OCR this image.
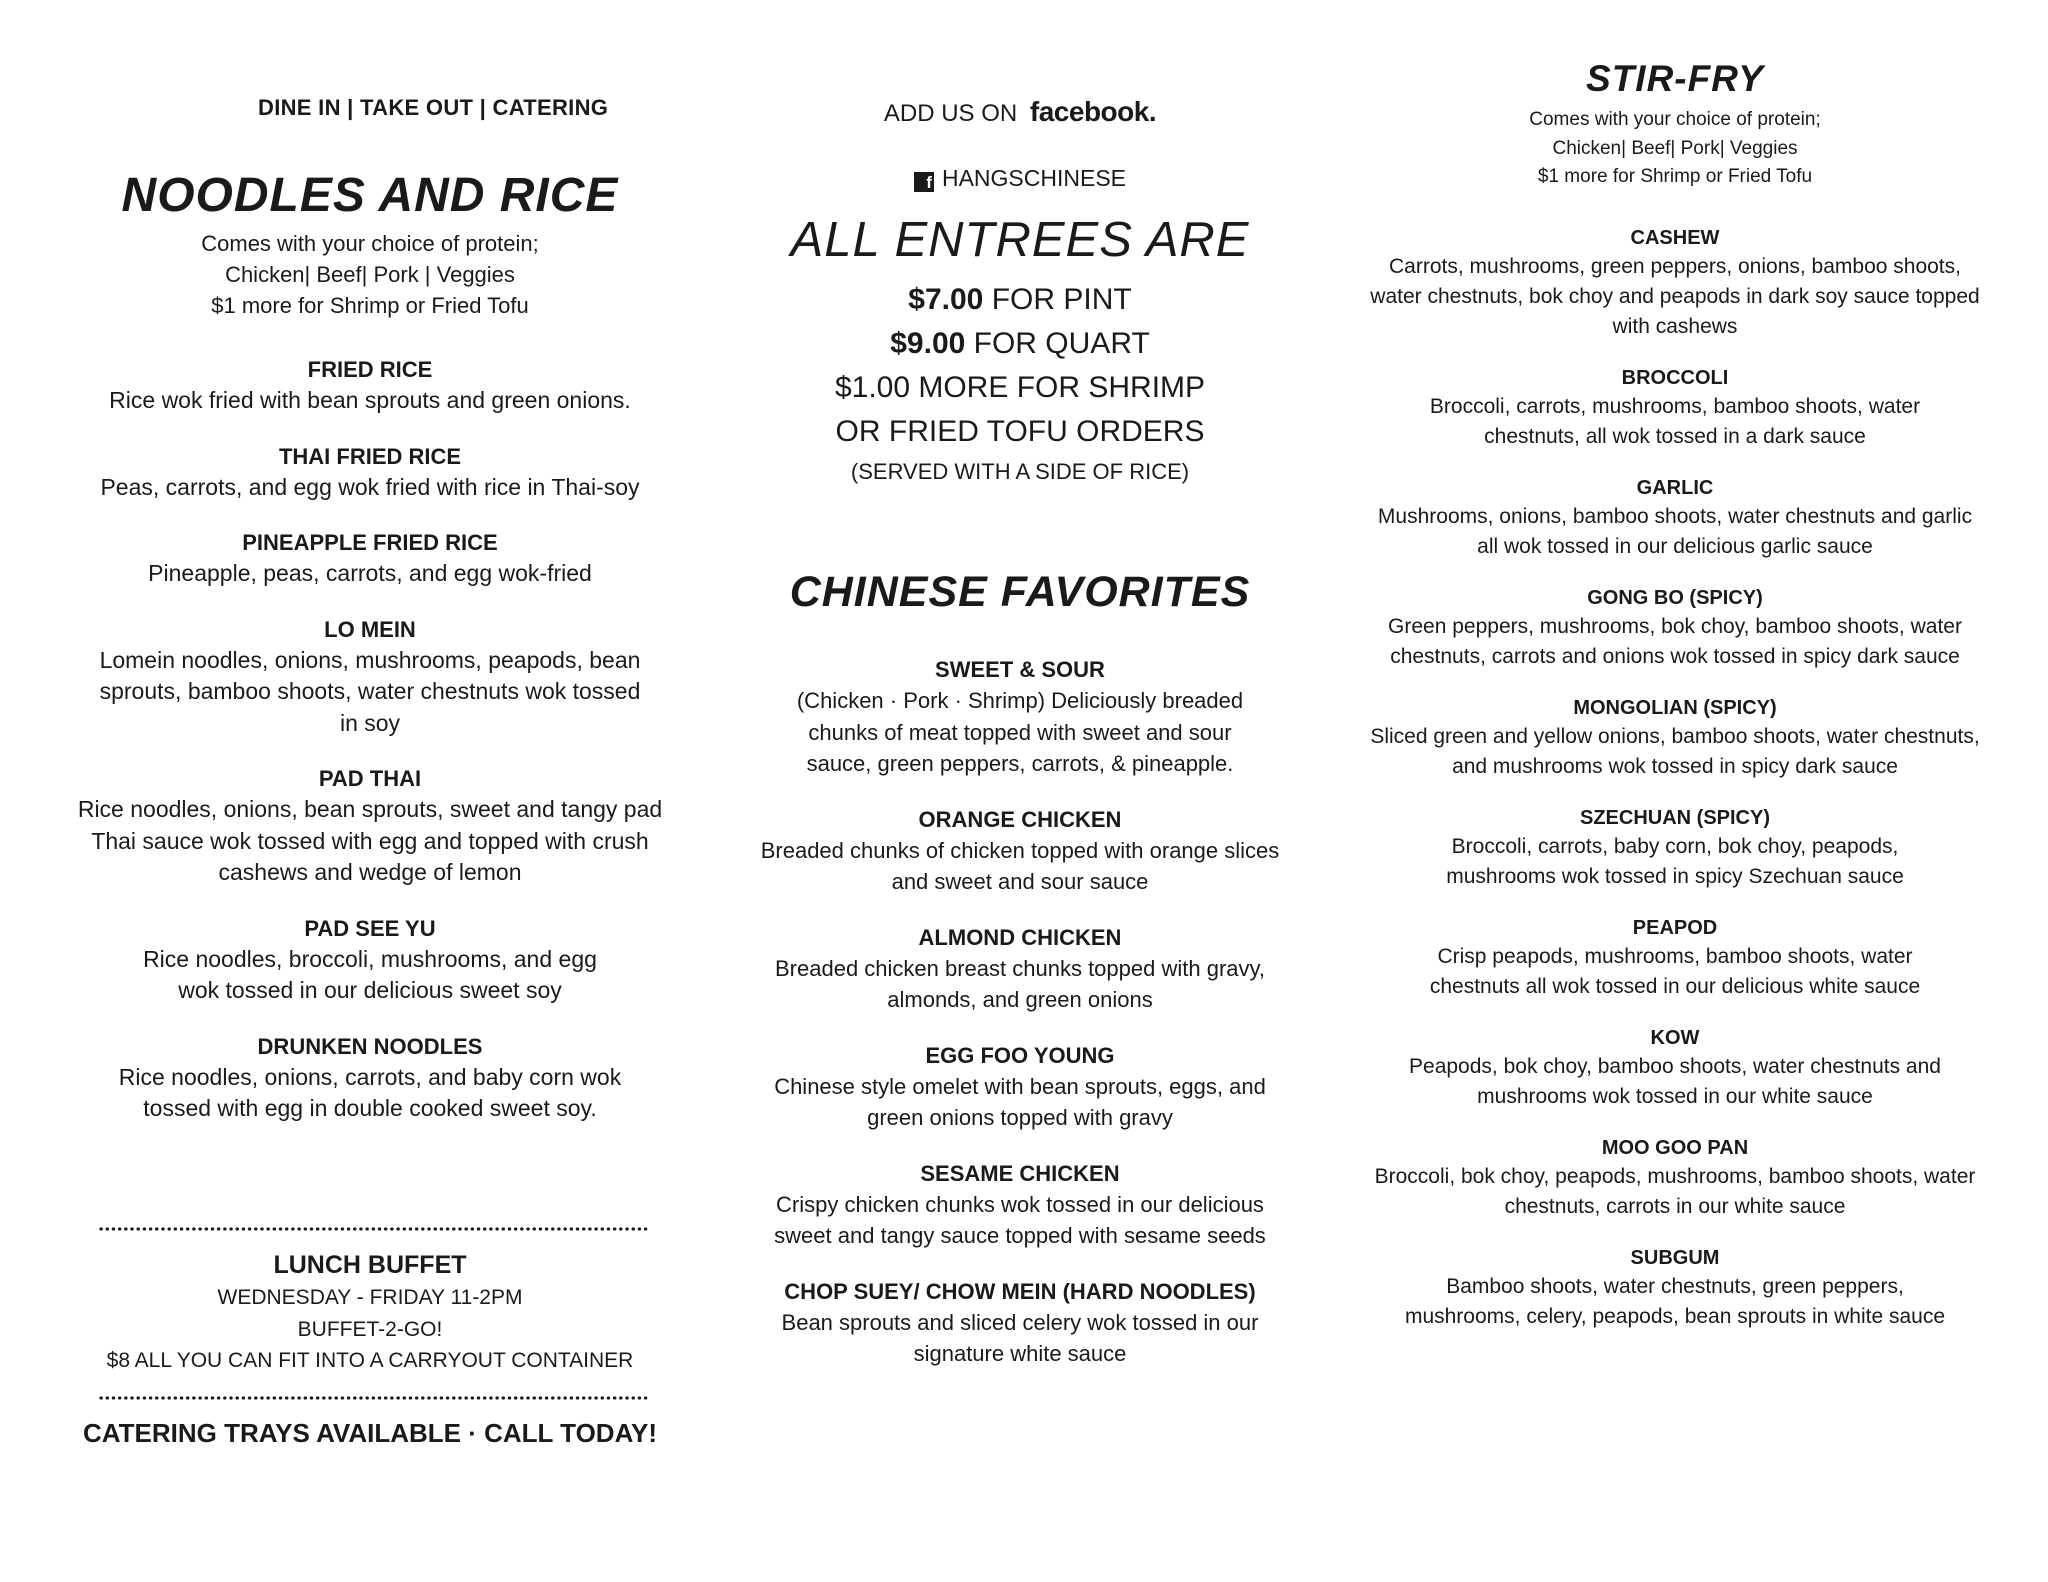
DINE IN | TAKE OUT | CATERING
NOODLES AND RICE
Comes with your choice of protein;
Chicken| Beef| Pork | Veggies
$1 more for Shrimp or Fried Tofu
FRIED RICE
Rice wok fried with bean sprouts and green onions.
THAI FRIED RICE
Peas, carrots, and egg wok fried with rice in Thai-soy
PINEAPPLE FRIED RICE
Pineapple, peas, carrots, and egg wok-fried
LO MEIN
Lomein noodles, onions, mushrooms, peapods, bean sprouts, bamboo shoots, water chestnuts wok tossed in soy
PAD THAI
Rice noodles, onions, bean sprouts, sweet and tangy pad Thai sauce wok tossed with egg and topped with crush cashews and wedge of lemon
PAD SEE YU
Rice noodles, broccoli, mushrooms, and egg wok tossed in our delicious sweet soy
DRUNKEN NOODLES
Rice noodles, onions, carrots, and baby corn wok tossed with egg in double cooked sweet soy.
LUNCH BUFFET
WEDNESDAY - FRIDAY 11-2PM
BUFFET-2-GO!
$8 ALL YOU CAN FIT INTO A CARRYOUT CONTAINER
CATERING TRAYS AVAILABLE · CALL TODAY!
ADD US ON facebook.
f HANGSCHINESE
ALL ENTREES ARE
$7.00 FOR PINT
$9.00 FOR QUART
$1.00 MORE FOR SHRIMP
OR FRIED TOFU ORDERS
(SERVED WITH A SIDE OF RICE)
CHINESE FAVORITES
SWEET & SOUR
(Chicken · Pork · Shrimp) Deliciously breaded chunks of meat topped with sweet and sour sauce, green peppers, carrots, & pineapple.
ORANGE CHICKEN
Breaded chunks of chicken topped with orange slices and sweet and sour sauce
ALMOND CHICKEN
Breaded chicken breast chunks topped with gravy, almonds, and green onions
EGG FOO YOUNG
Chinese style omelet with bean sprouts, eggs, and green onions topped with gravy
SESAME CHICKEN
Crispy chicken chunks wok tossed in our delicious sweet and tangy sauce topped with sesame seeds
CHOP SUEY/ CHOW MEIN (HARD NOODLES)
Bean sprouts and sliced celery wok tossed in our signature white sauce
STIR-FRY
Comes with your choice of protein;
Chicken| Beef| Pork| Veggies
$1 more for Shrimp or Fried Tofu
CASHEW
Carrots, mushrooms, green peppers, onions, bamboo shoots, water chestnuts, bok choy and peapods in dark soy sauce topped with cashews
BROCCOLI
Broccoli, carrots, mushrooms, bamboo shoots, water chestnuts, all wok tossed in a dark sauce
GARLIC
Mushrooms, onions, bamboo shoots, water chestnuts and garlic all wok tossed in our delicious garlic sauce
GONG BO (SPICY)
Green peppers, mushrooms, bok choy, bamboo shoots, water chestnuts, carrots and onions wok tossed in spicy dark sauce
MONGOLIAN (SPICY)
Sliced green and yellow onions, bamboo shoots, water chestnuts, and mushrooms wok tossed in spicy dark sauce
SZECHUAN (SPICY)
Broccoli, carrots, baby corn, bok choy, peapods, mushrooms wok tossed in spicy Szechuan sauce
PEAPOD
Crisp peapods, mushrooms, bamboo shoots, water chestnuts all wok tossed in our delicious white sauce
KOW
Peapods, bok choy, bamboo shoots, water chestnuts and mushrooms wok tossed in our white sauce
MOO GOO PAN
Broccoli, bok choy, peapods, mushrooms, bamboo shoots, water chestnuts, carrots in our white sauce
SUBGUM
Bamboo shoots, water chestnuts, green peppers, mushrooms, celery, peapods, bean sprouts in white sauce
